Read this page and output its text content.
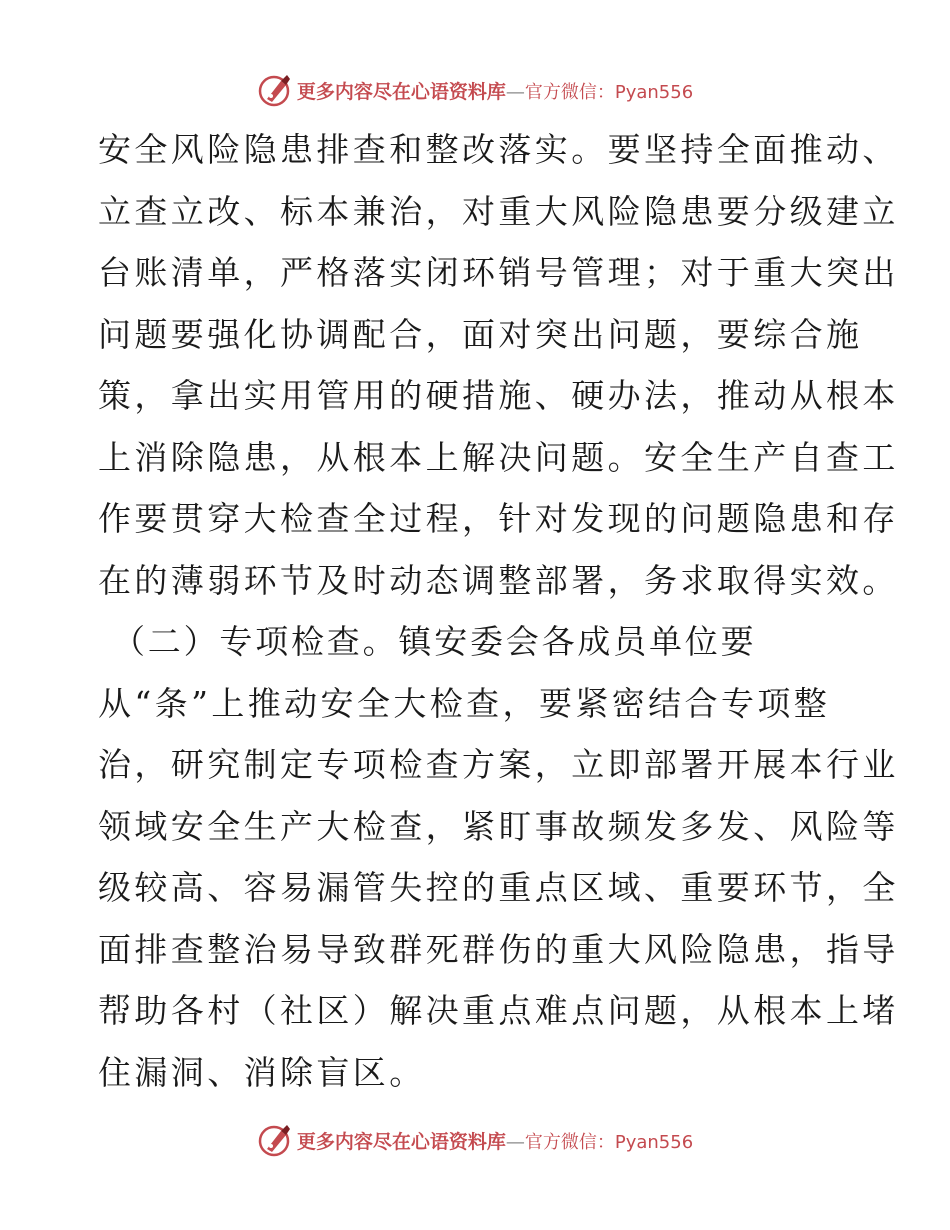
更多内容尽在心语资料库—官方微信：Pyan556
安全风险隐患排查和整改落实。要坚持全面推动、
立查立改、标本兼治，对重大风险隐患要分级建立
台账清单，严格落实闭环销号管理；对于重大突出
问题要强化协调配合，面对突出问题，要综合施
策，拿出实用管用的硬措施、硬办法，推动从根本
上消除隐患，从根本上解决问题。安全生产自查工
作要贯穿大检查全过程，针对发现的问题隐患和存
在的薄弱环节及时动态调整部署，务求取得实效。
（二）专项检查。镇安委会各成员单位要
从“条”上推动安全大检查，要紧密结合专项整
治，研究制定专项检查方案，立即部署开展本行业
领域安全生产大检查，紧盯事故频发多发、风险等
级较高、容易漏管失控的重点区域、重要环节，全
面排查整治易导致群死群伤的重大风险隐患，指导
帮助各村（社区）解决重点难点问题，从根本上堵
住漏洞、消除盲区。
更多内容尽在心语资料库—官方微信：Pyan556
